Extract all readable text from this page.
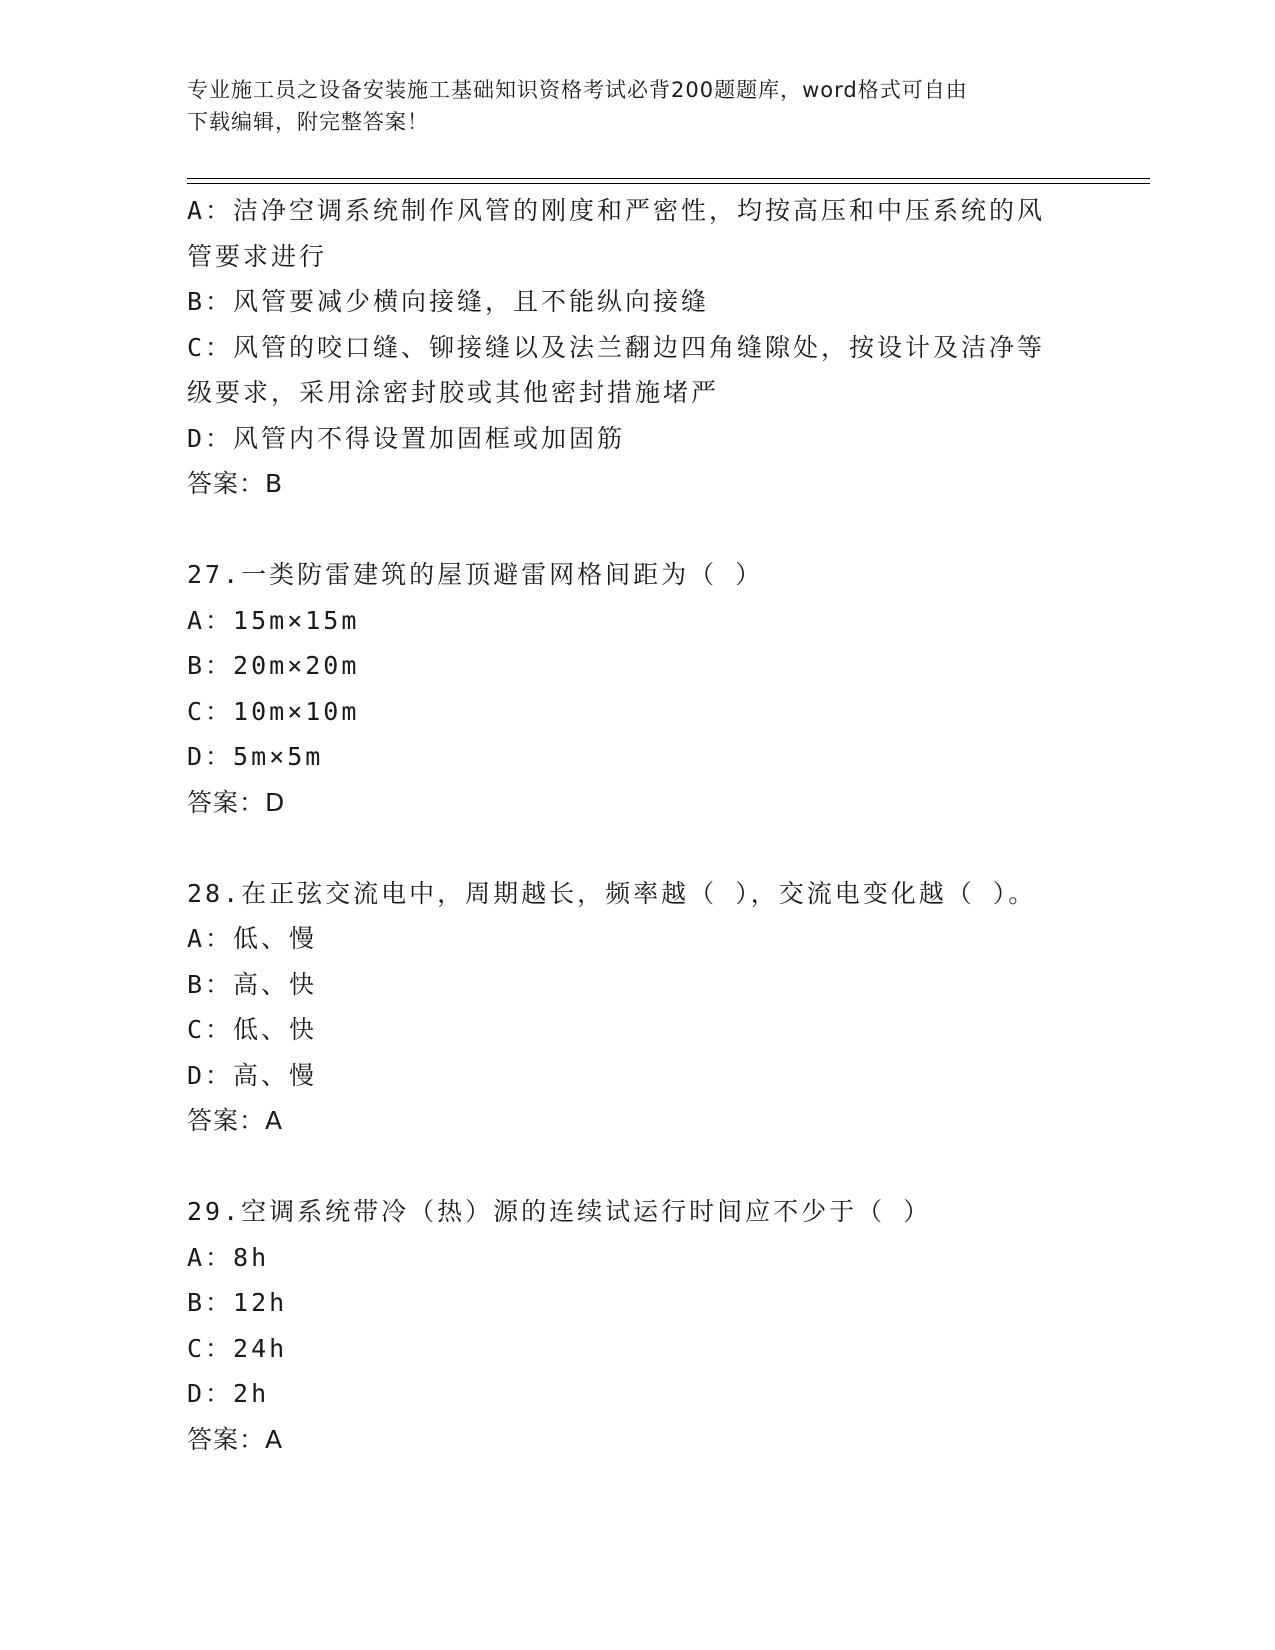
专业施工员之设备安装施工基础知识资格考试必背200题题库，word格式可自由
下载编辑，附完整答案！
A：洁净空调系统制作风管的刚度和严密性，均按高压和中压系统的风
管要求进行
B：风管要减少横向接缝，且不能纵向接缝
C：风管的咬口缝、铆接缝以及法兰翻边四角缝隙处，按设计及洁净等
级要求，采用涂密封胶或其他密封措施堵严
D：风管内不得设置加固框或加固筋
答案：B
27.一类防雷建筑的屋顶避雷网格间距为（ ）
A：15m×15m
B：20m×20m
C：10m×10m
D：5m×5m
答案：D
28.在正弦交流电中，周期越长，频率越（ ），交流电变化越（ ）。
A：低、慢
B：高、快
C：低、快
D：高、慢
答案：A
29.空调系统带冷（热）源的连续试运行时间应不少于（ ）
A：8h
B：12h
C：24h
D：2h
答案：A
